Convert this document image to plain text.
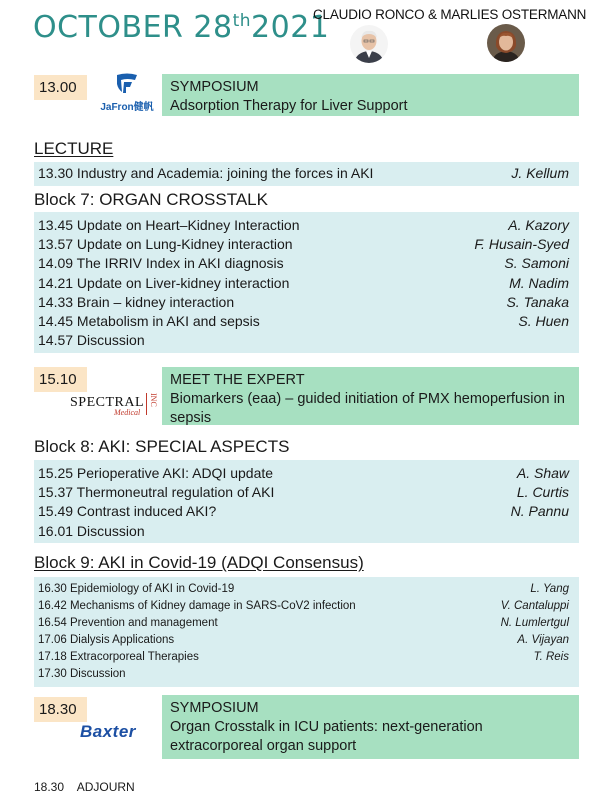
OCTOBER 28th2021
CLAUDIO RONCO & MARLIES OSTERMANN
13.00
JaFron健帆
SYMPOSIUM
Adsorption Therapy for Liver Support
LECTURE
13.30 Industry and Academia: joining the forces in AKI	J. Kellum
Block 7: ORGAN CROSSTALK
13.45 Update on Heart–Kidney Interaction	A. Kazory
13.57 Update on Lung-Kidney interaction	F. Husain-Syed
14.09 The IRRIV Index in AKI diagnosis	S. Samoni
14.21 Update on Liver-kidney interaction	M. Nadim
14.33 Brain – kidney interaction	S. Tanaka
14.45 Metabolism in AKI and sepsis	S. Huen
14.57 Discussion
15.10
SPECTRAL INC
Medical
MEET THE EXPERT
Biomarkers (eaa) – guided initiation of PMX hemoperfusion in sepsis
Block 8: AKI: SPECIAL ASPECTS
15.25 Perioperative AKI: ADQI update	A. Shaw
15.37 Thermoneutral regulation of AKI	L. Curtis
15.49 Contrast induced AKI?	N. Pannu
16.01 Discussion
Block 9: AKI in Covid-19 (ADQI Consensus)
16.30 Epidemiology of AKI in Covid-19	L. Yang
16.42 Mechanisms of Kidney damage in SARS-CoV2 infection	V. Cantaluppi
16.54 Prevention and management	N. Lumlertgul
17.06 Dialysis Applications	A. Vijayan
17.18 Extracorporeal Therapies	T. Reis
17.30 Discussion
18.30
Baxter
SYMPOSIUM
Organ Crosstalk in ICU patients: next-generation extracorporeal organ support
18.30    ADJOURN
